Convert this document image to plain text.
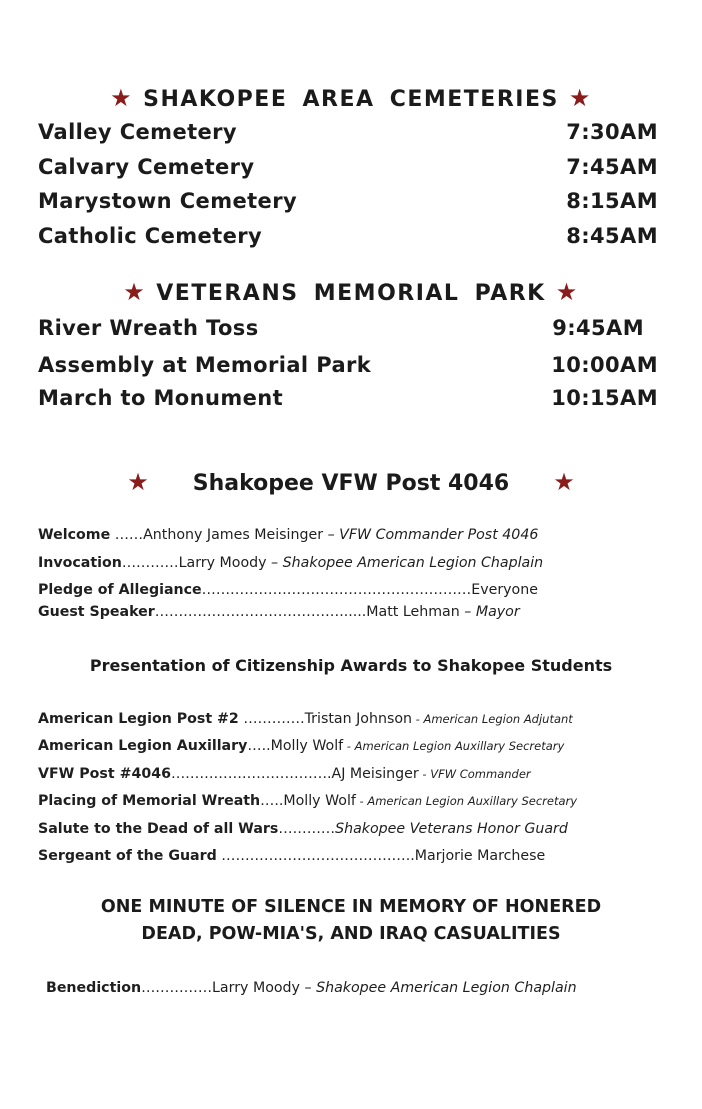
★ SHAKOPEE AREA CEMETERIES ★
Valley Cemetery	7:30AM
Calvary Cemetery	7:45AM
Marystown Cemetery	8:15AM
Catholic Cemetery	8:45AM
★ VETERANS MEMORIAL PARK ★
River Wreath Toss	9:45AM
Assembly at Memorial Park	10:00AM
March to Monument	10:15AM
★ Shakopee VFW Post 4046 ★
Welcome ……Anthony James Meisinger – VFW Commander Post 4046
Invocation…………Larry Moody – Shakopee American Legion Chaplain
Pledge of Allegiance…………………………………………………Everyone
Guest Speaker…………………………………......Matt Lehman – Mayor
Presentation of Citizenship Awards to Shakopee Students
American Legion Post #2 ………….Tristan Johnson - American Legion Adjutant
American Legion Auxillary…..Molly Wolf - American Legion Auxillary Secretary
VFW Post #4046…………………………….AJ Meisinger - VFW Commander
Placing of Memorial Wreath…..Molly Wolf - American Legion Auxillary Secretary
Salute to the Dead of all Wars…………Shakopee Veterans Honor Guard
Sergeant of the Guard …………………………………..Marjorie Marchese
ONE MINUTE OF SILENCE IN MEMORY OF HONERED
DEAD, POW-MIA'S, AND IRAQ CASUALITIES
Benediction……………Larry Moody – Shakopee American Legion Chaplain
